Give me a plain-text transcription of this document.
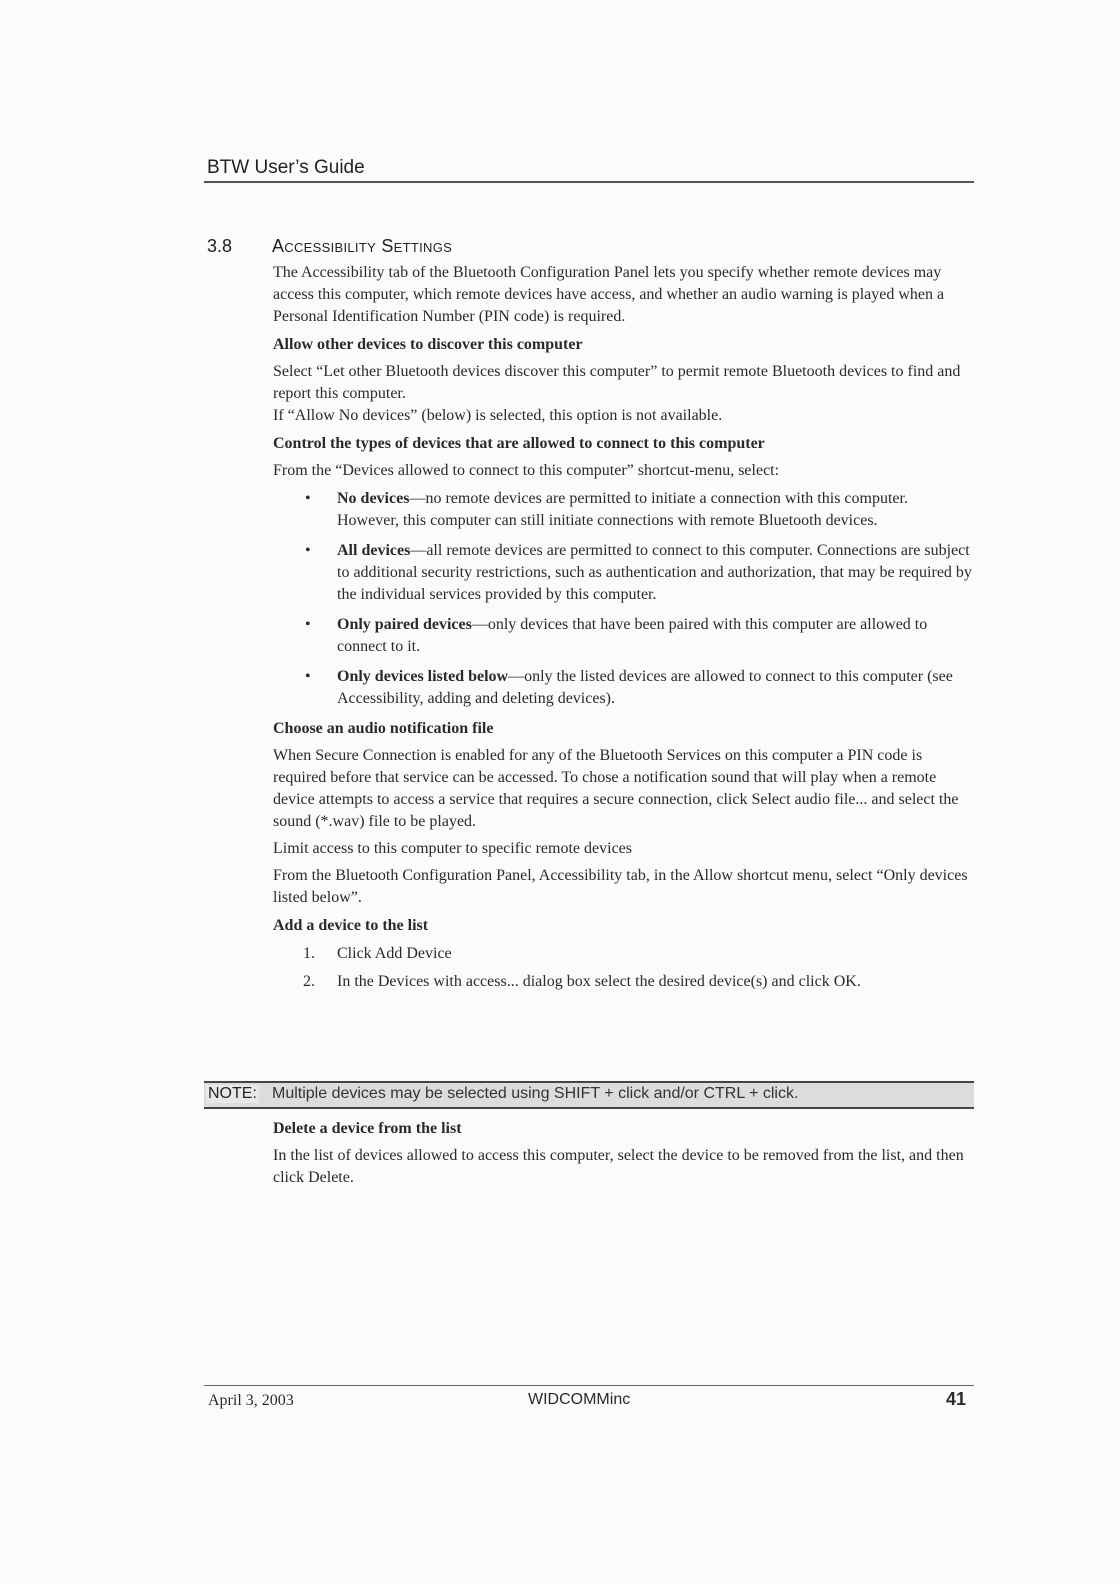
BTW User’s Guide
3.8 Accessibility Settings

The Accessibility tab of the Bluetooth Configuration Panel lets you specify whether remote devices may access this computer, which remote devices have access, and whether an audio warning is played when a Personal Identification Number (PIN code) is required.

Allow other devices to discover this computer

Select “Let other Bluetooth devices discover this computer” to permit remote Bluetooth devices to find and report this computer.

If “Allow No devices” (below) is selected, this option is not available.

Control the types of devices that are allowed to connect to this computer

From the “Devices allowed to connect to this computer” shortcut-menu, select:

• No devices—no remote devices are permitted to initiate a connection with this computer. However, this computer can still initiate connections with remote Bluetooth devices.
• All devices—all remote devices are permitted to connect to this computer. Connections are subject to additional security restrictions, such as authentication and authorization, that may be required by the individual services provided by this computer.
• Only paired devices—only devices that have been paired with this computer are allowed to connect to it.
• Only devices listed below—only the listed devices are allowed to connect to this computer (see Accessibility, adding and deleting devices).
Choose an audio notification file

When Secure Connection is enabled for any of the Bluetooth Services on this computer a PIN code is required before that service can be accessed. To chose a notification sound that will play when a remote device attempts to access a service that requires a secure connection, click Select audio file... and select the sound (*.wav) file to be played.

Limit access to this computer to specific remote devices

From the Bluetooth Configuration Panel, Accessibility tab, in the Allow shortcut menu, select “Only devices listed below”.

Add a device to the list
1. Click Add Device
2. In the Devices with access... dialog box select the desired device(s) and click OK.
NOTE: Multiple devices may be selected using SHIFT + click and/or CTRL + click.
Delete a device from the list

In the list of devices allowed to access this computer, select the device to be removed from the list, and then click Delete.

April 3, 2003	WIDCOMMinc	41
